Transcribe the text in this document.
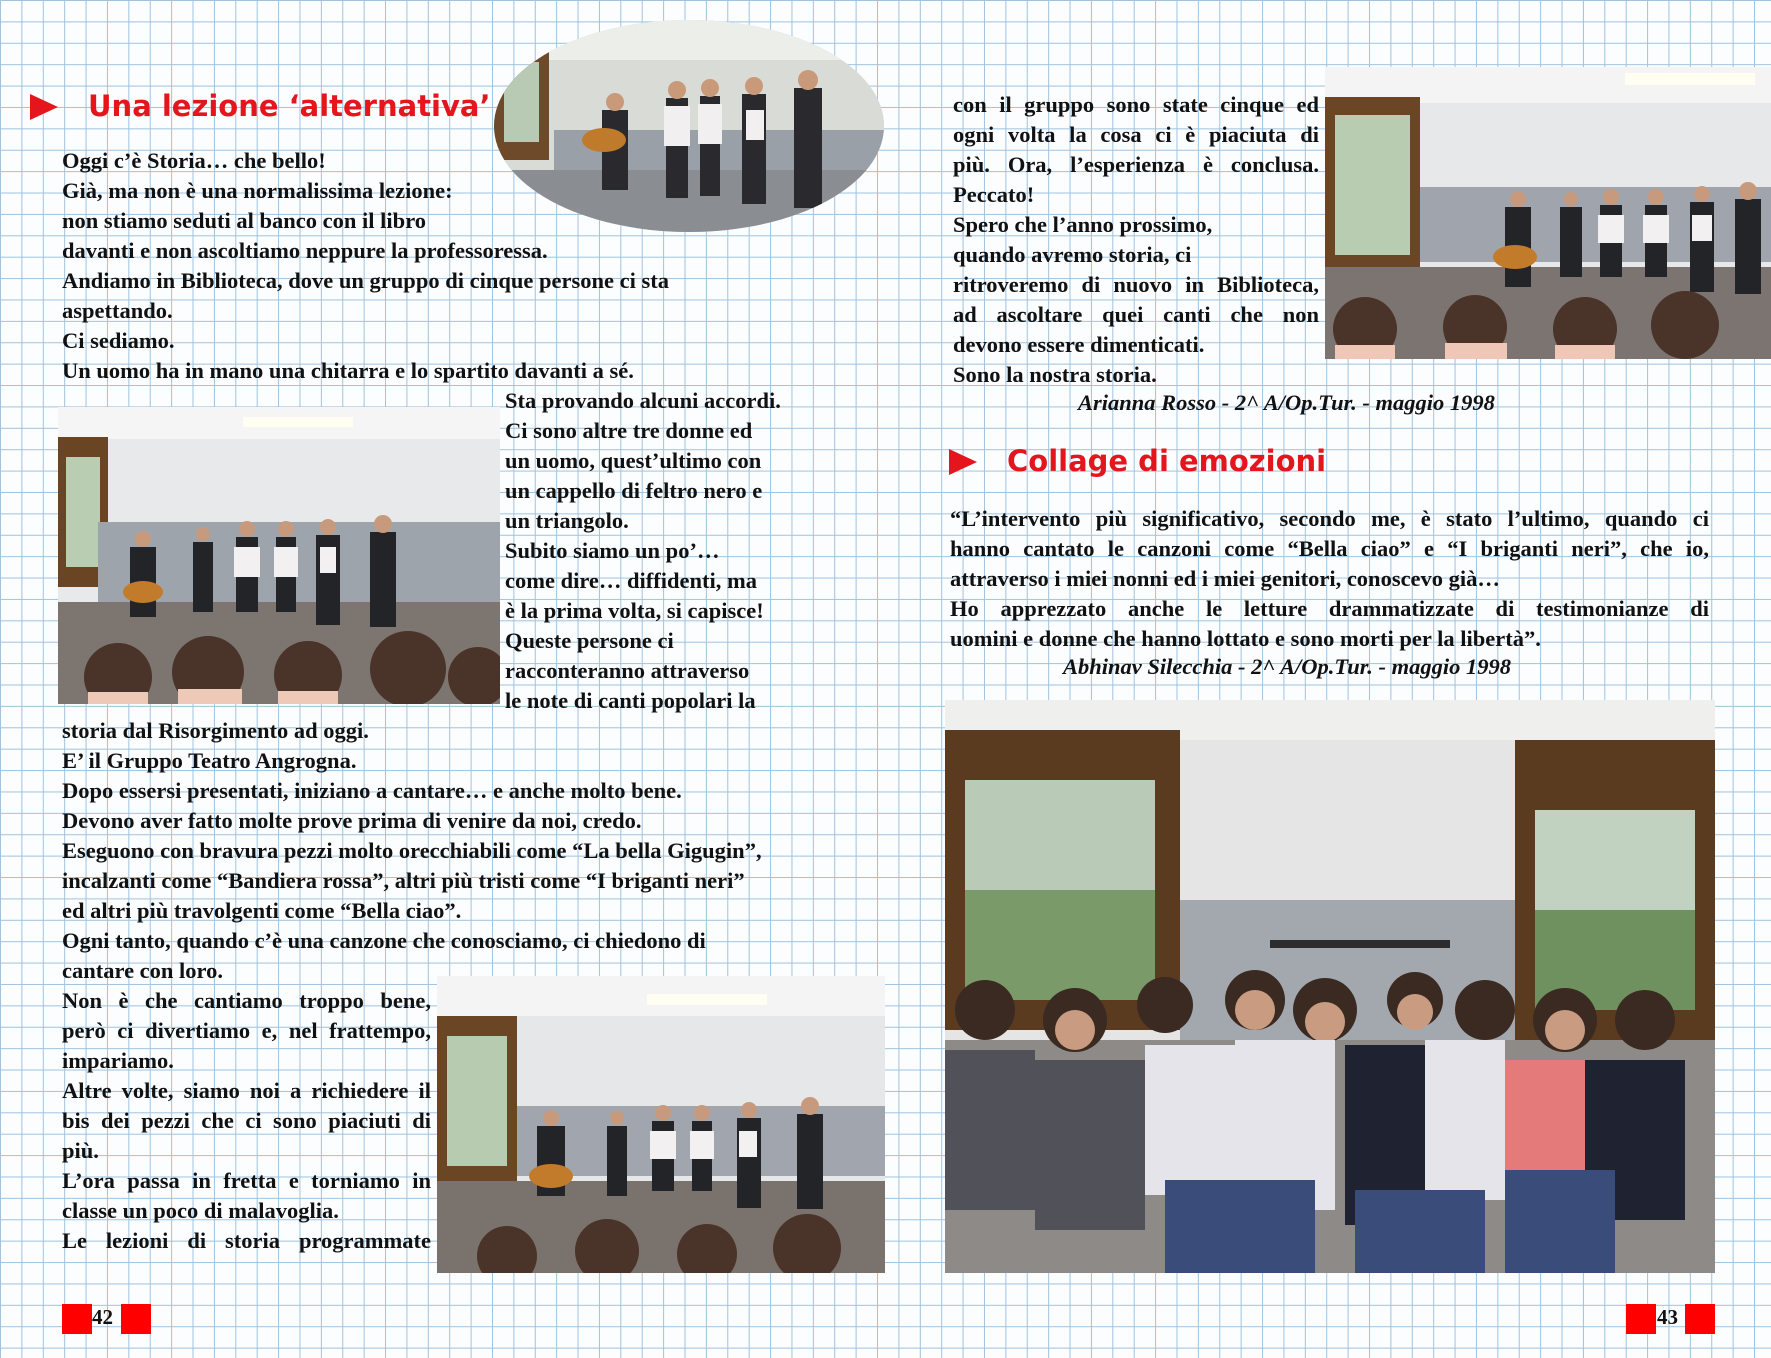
Una lezione ‘alternativa’

Oggi c’è Storia… che bello!

Già, ma non è una normalissima lezione:

non stiamo seduti al banco con il libro

davanti e non ascoltiamo neppure la professoressa.

Andiamo in Biblioteca, dove un gruppo di cinque persone ci sta

aspettando.

Ci sediamo.

Un uomo ha in mano una chitarra e lo spartito davanti a sé.

Sta provando alcuni accordi.

Ci sono altre tre donne ed

un uomo, quest’ultimo con

un cappello di feltro nero e

un triangolo.

Subito siamo un po’…

come dire… diffidenti, ma

è la prima volta, si capisce!

Queste persone ci

racconteranno attraverso

le note di canti popolari la

storia dal Risorgimento ad oggi.

E’ il Gruppo Teatro Angrogna.

Dopo essersi presentati, iniziano a cantare… e anche molto bene.

Devono aver fatto molte prove prima di venire da noi, credo.

Eseguono con bravura pezzi molto orecchiabili come “La bella Gigugin”,

incalzanti come “Bandiera rossa”, altri più tristi come “I briganti neri”

ed altri più travolgenti come “Bella ciao”.

Ogni tanto, quando c’è una canzone che conosciamo, ci chiedono di

cantare con loro.

Non è che cantiamo troppo bene,

però ci divertiamo e, nel frattempo,

impariamo.

Altre volte, siamo noi a richiedere il

bis dei pezzi che ci sono piaciuti di

più.

L’ora passa in fretta e torniamo in

classe un poco di malavoglia.

Le lezioni di storia programmate

42

con il gruppo sono state cinque ed

ogni volta la cosa ci è piaciuta di

più. Ora, l’esperienza è conclusa.

Peccato!

Spero che l’anno prossimo,

quando avremo storia, ci

ritroveremo di nuovo in Biblioteca,

ad ascoltare quei canti che non

devono essere dimenticati.

Sono la nostra storia.

Arianna Rosso - 2^ A/Op.Tur. - maggio 1998
Collage di emozioni

“L’intervento più significativo, secondo me, è stato l’ultimo, quando ci

hanno cantato le canzoni come “Bella ciao” e “I briganti neri”, che io,

attraverso i miei nonni ed i miei genitori, conoscevo già…

Ho apprezzato anche le letture drammatizzate di testimonianze di

uomini e donne che hanno lottato e sono morti per la libertà”.

Abhinav Silecchia - 2^ A/Op.Tur. - maggio 1998
43
